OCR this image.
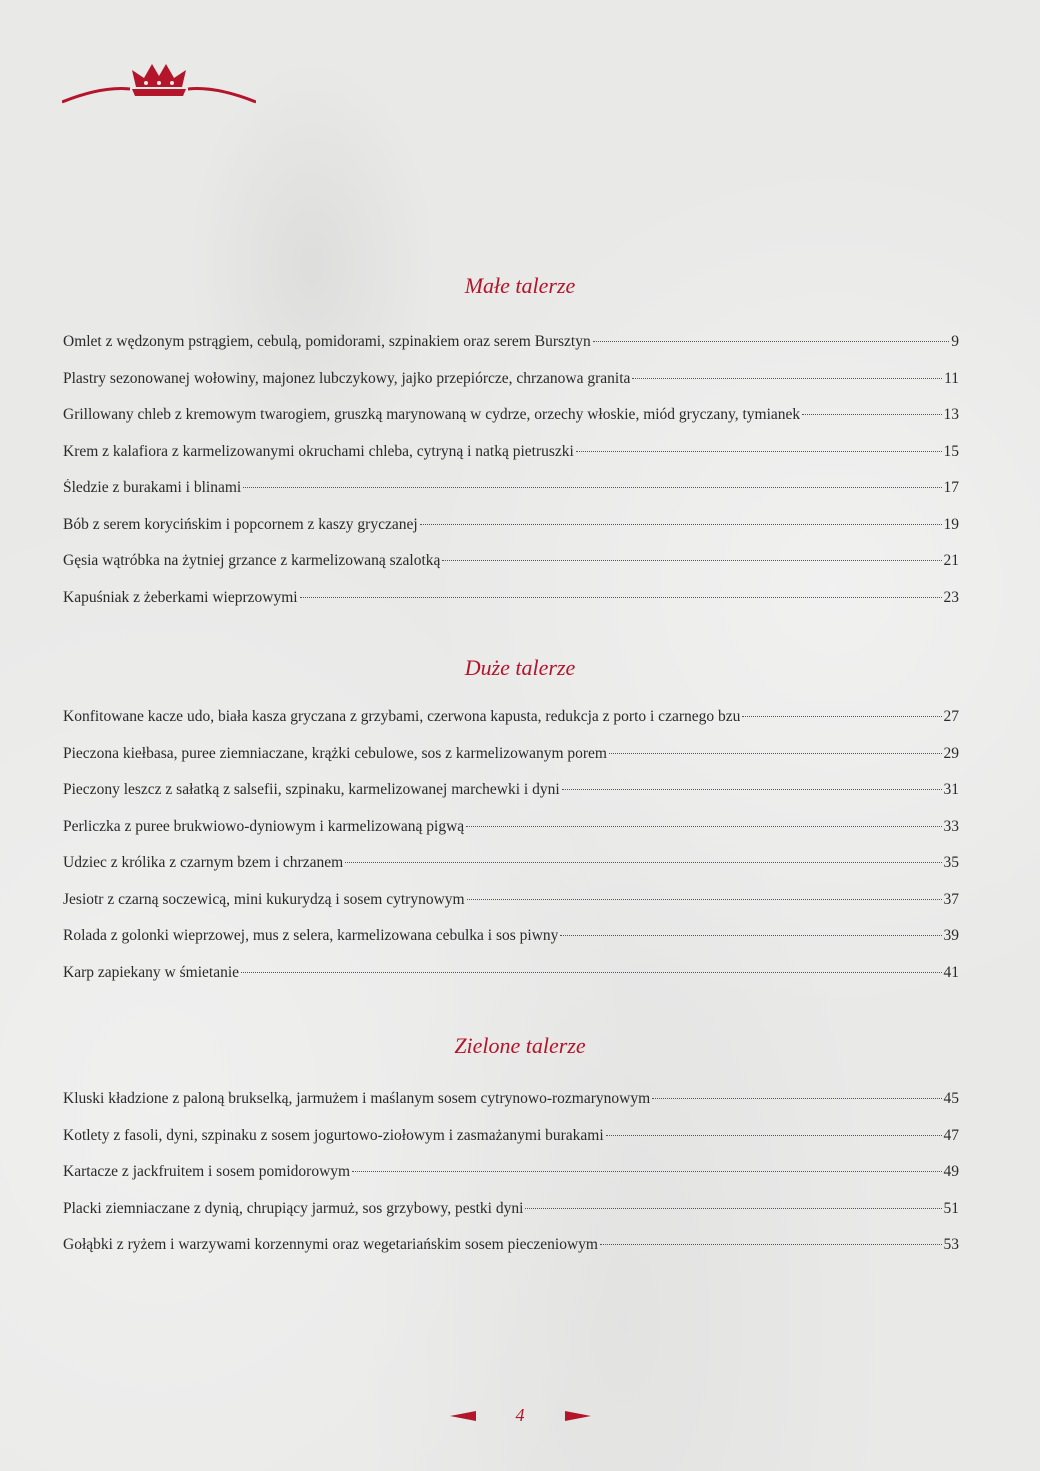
Małe talerze
Omlet z wędzonym pstrągiem, cebulą, pomidorami, szpinakiem oraz serem Bursztyn	9
Plastry sezonowanej wołowiny, majonez lubczykowy, jajko przepiórcze, chrzanowa granita	11
Grillowany chleb z kremowym twarogiem, gruszką marynowaną w cydrze, orzechy włoskie, miód gryczany, tymianek	13
Krem z kalafiora z karmelizowanymi okruchami chleba, cytryną i natką pietruszki	15
Śledzie z burakami i blinami	17
Bób z serem korycińskim i popcornem z kaszy gryczanej	19
Gęsia wątróbka na żytniej grzance z karmelizowaną szalotką	21
Kapuśniak z żeberkami wieprzowymi	23
Duże talerze
Konfitowane kacze udo, biała kasza gryczana z grzybami, czerwona kapusta, redukcja z porto i czarnego bzu	27
Pieczona kiełbasa, puree ziemniaczane, krążki cebulowe, sos z karmelizowanym porem	29
Pieczony leszcz z sałatką z salsefii, szpinaku, karmelizowanej marchewki i dyni	31
Perliczka z puree brukwiowo-dyniowym i karmelizowaną pigwą	33
Udziec z królika z czarnym bzem i chrzanem	35
Jesiotr z czarną soczewicą, mini kukurydzą i sosem cytrynowym	37
Rolada z golonki wieprzowej, mus z selera, karmelizowana cebulka i sos piwny	39
Karp zapiekany w śmietanie	41
Zielone talerze
Kluski kładzione z paloną brukselką, jarmużem i maślanym sosem cytrynowo-rozmarynowym	45
Kotlety z fasoli, dyni, szpinaku z sosem jogurtowo-ziołowym i zasmażanymi burakami	47
Kartacze z jackfruitem i sosem pomidorowym	49
Placki ziemniaczane z dynią, chrupiący jarmuż, sos grzybowy, pestki dyni	51
Gołąbki z ryżem i warzywami korzennymi oraz wegetariańskim sosem pieczeniowym	53
4
